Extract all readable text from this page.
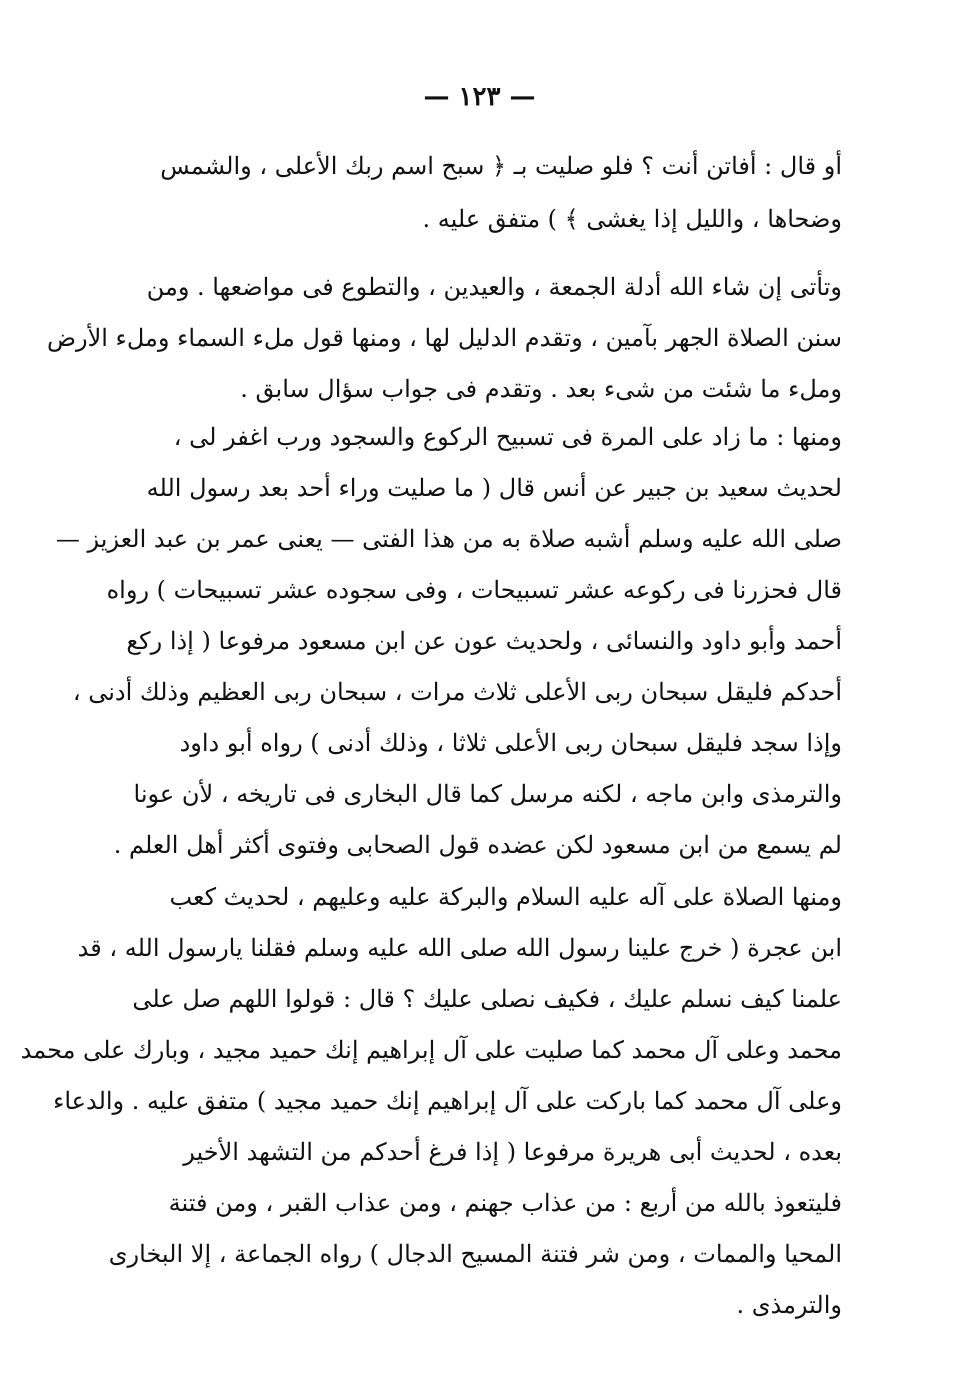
— ١٢٣ —
أو قال : أفاتن أنت ؟ فلو صليت بـ ﴿ سبح اسم ربك الأعلى ، والشمس
وضحاها ، والليل إذا يغشى ﴾ ) متفق عليه .
وتأتى إن شاء الله أدلة الجمعة ، والعيدين ، والتطوع فى مواضعها . ومن
سنن الصلاة الجهر بآمين ، وتقدم الدليل لها ، ومنها قول ملء السماء وملء الأرض
وملء ما شئت من شىء بعد . وتقدم فى جواب سؤال سابق .
ومنها : ما زاد على المرة فى تسبيح الركوع والسجود ورب اغفر لى ،
لحديث سعيد بن جبير عن أنس قال ( ما صليت وراء أحد بعد رسول الله
صلى الله عليه وسلم أشبه صلاة به من هذا الفتى — يعنى عمر بن عبد العزيز —
قال فحزرنا فى ركوعه عشر تسبيحات ، وفى سجوده عشر تسبيحات ) رواه
أحمد وأبو داود والنسائى ، ولحديث عون عن ابن مسعود مرفوعا ( إذا ركع
أحدكم فليقل سبحان ربى الأعلى ثلاث مرات ، سبحان ربى العظيم وذلك أدنى ،
وإذا سجد فليقل سبحان ربى الأعلى ثلاثا ، وذلك أدنى ) رواه أبو داود
والترمذى وابن ماجه ، لكنه مرسل كما قال البخارى فى تاريخه ، لأن عونا
لم يسمع من ابن مسعود لكن عضده قول الصحابى وفتوى أكثر أهل العلم .
ومنها الصلاة على آله عليه السلام والبركة عليه وعليهم ، لحديث كعب
ابن عجرة ( خرج علينا رسول الله صلى الله عليه وسلم فقلنا يارسول الله ، قد
علمنا كيف نسلم عليك ، فكيف نصلى عليك ؟ قال : قولوا اللهم صل على
محمد وعلى آل محمد كما صليت على آل إبراهيم إنك حميد مجيد ، وبارك على محمد
وعلى آل محمد كما باركت على آل إبراهيم إنك حميد مجيد ) متفق عليه . والدعاء
بعده ، لحديث أبى هريرة مرفوعا ( إذا فرغ أحدكم من التشهد الأخير
فليتعوذ بالله من أربع : من عذاب جهنم ، ومن عذاب القبر ، ومن فتنة
المحيا والممات ، ومن شر فتنة المسيح الدجال ) رواه الجماعة ، إلا البخارى
والترمذى .
